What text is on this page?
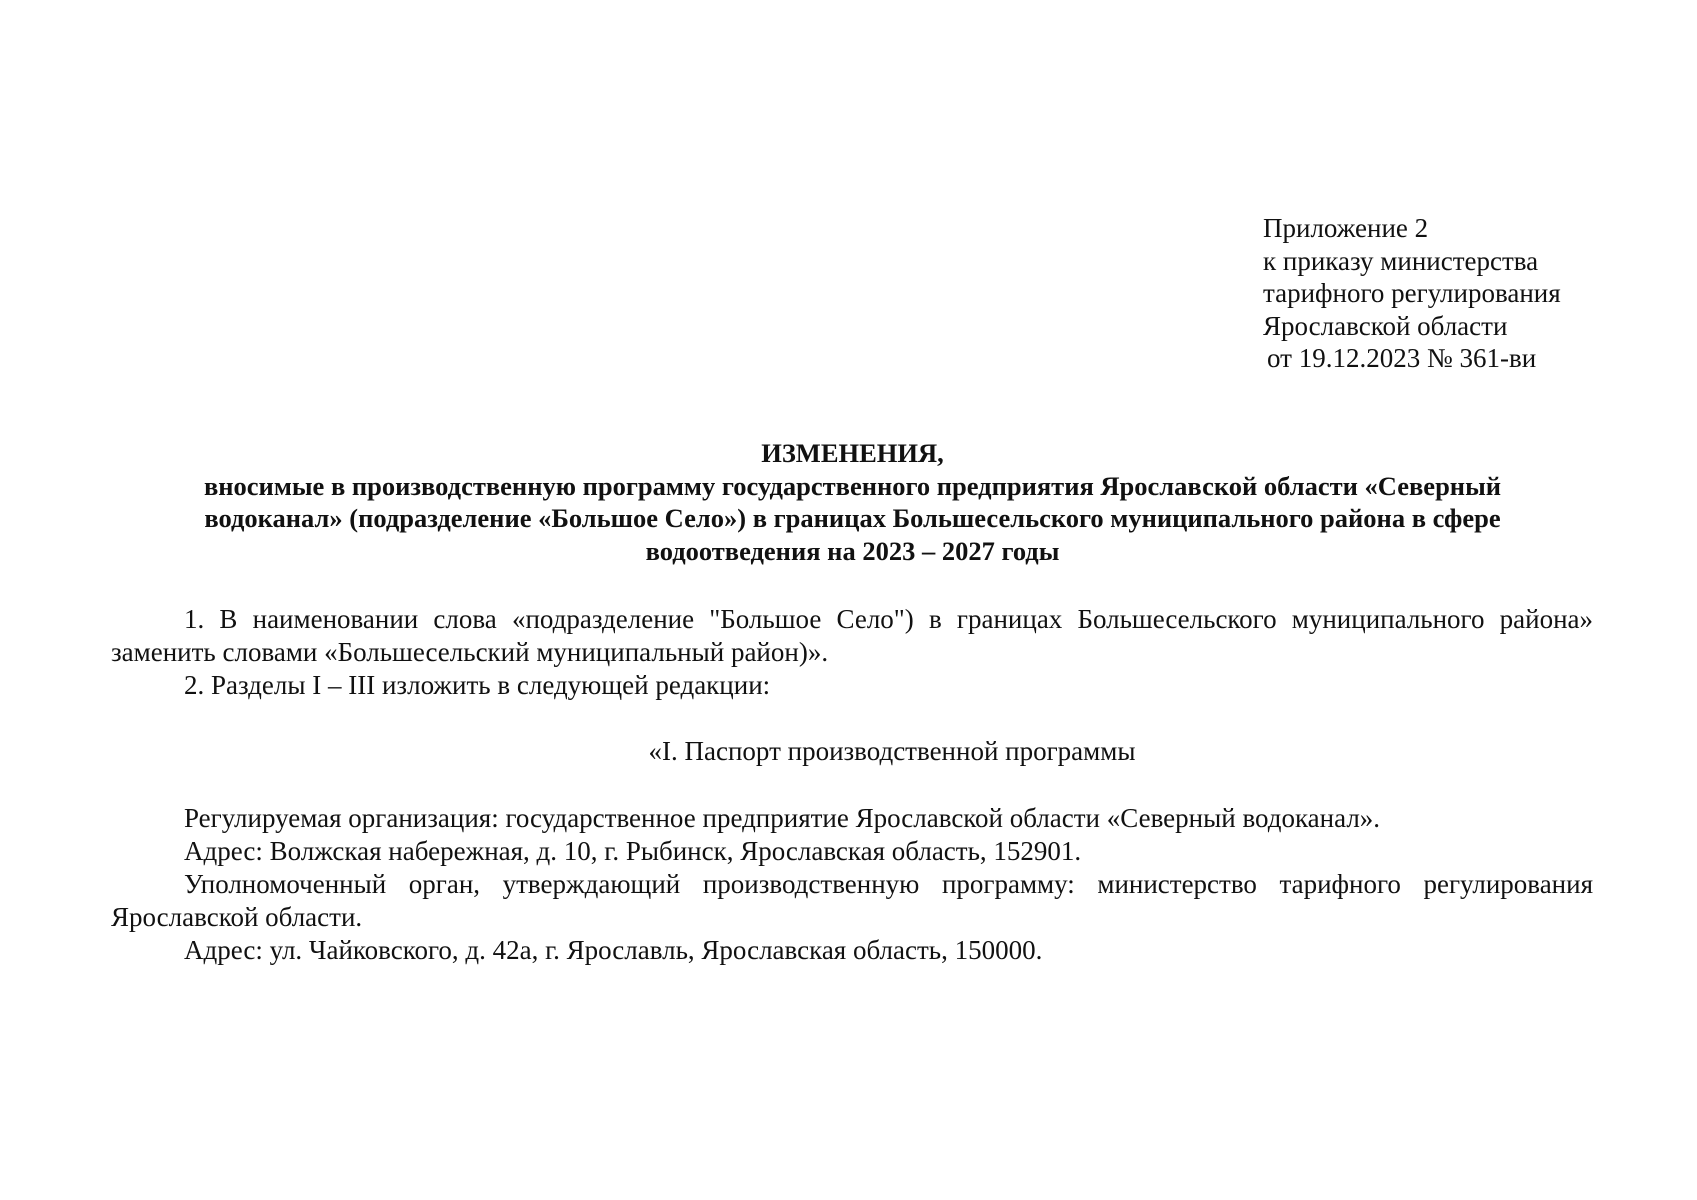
Приложение 2
к приказу министерства
тарифного регулирования
Ярославской области
от 19.12.2023 № 361-ви
ИЗМЕНЕНИЯ,
вносимые в производственную программу государственного предприятия Ярославской области «Северный водоканал» (подразделение «Большое Село») в границах Большесельского муниципального района в сфере водоотведения на 2023 – 2027 годы

1. В наименовании слова «подразделение "Большое Село") в границах Большесельского муниципального района» заменить словами «Большесельский муниципальный район)».

2. Разделы I – III изложить в следующей редакции:

«I. Паспорт производственной программы

Регулируемая организация: государственное предприятие Ярославской области «Северный водоканал».

Адрес: Волжская набережная, д. 10, г. Рыбинск, Ярославская область, 152901.

Уполномоченный орган, утверждающий производственную программу: министерство тарифного регулирования Ярославской области.

Адрес: ул. Чайковского, д. 42а, г. Ярославль, Ярославская область, 150000.
